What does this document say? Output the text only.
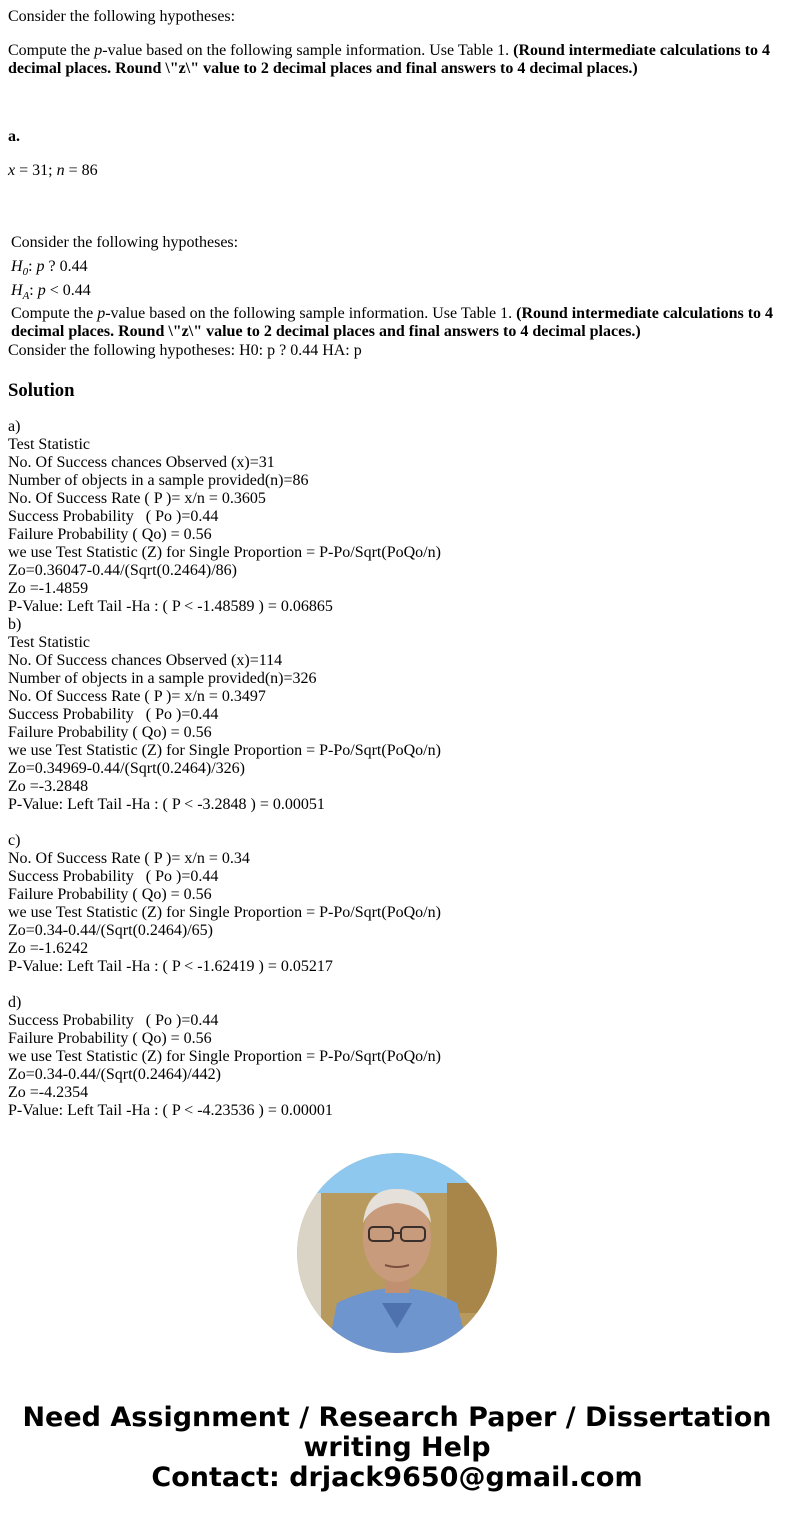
Consider the following hypotheses:

Compute the p-value based on the following sample information. Use Table 1. (Round intermediate calculations to 4 decimal places. Round \"z\" value to 2 decimal places and final answers to 4 decimal places.)

a.

x = 31; n = 86

Consider the following hypotheses:
$H_0$: p ? 0.44
$H_A$: p < 0.44
Compute the p-value based on the following sample information. Use Table 1. (Round intermediate calculations to 4 decimal places. Round \"z\" value to 2 decimal places and final answers to 4 decimal places.)

Consider the following hypotheses: H0: p ? 0.44 HA: p

Solution
a)
Test Statistic
No. Of Success chances Observed (x)=31
Number of objects in a sample provided(n)=86
No. Of Success Rate ( P )= x/n = 0.3605
Success Probability   ( Po )=0.44
Failure Probability ( Qo) = 0.56
we use Test Statistic (Z) for Single Proportion = P-Po/Sqrt(PoQo/n)
Zo=0.36047-0.44/(Sqrt(0.2464)/86)
Zo =-1.4859
P-Value: Left Tail -Ha : ( P < -1.48589 ) = 0.06865
b)
Test Statistic
No. Of Success chances Observed (x)=114
Number of objects in a sample provided(n)=326
No. Of Success Rate ( P )= x/n = 0.3497
Success Probability   ( Po )=0.44
Failure Probability ( Qo) = 0.56
we use Test Statistic (Z) for Single Proportion = P-Po/Sqrt(PoQo/n)
Zo=0.34969-0.44/(Sqrt(0.2464)/326)
Zo =-3.2848
P-Value: Left Tail -Ha : ( P < -3.2848 ) = 0.00051
c)
No. Of Success Rate ( P )= x/n = 0.34
Success Probability   ( Po )=0.44
Failure Probability ( Qo) = 0.56
we use Test Statistic (Z) for Single Proportion = P-Po/Sqrt(PoQo/n)
Zo=0.34-0.44/(Sqrt(0.2464)/65)
Zo =-1.6242
P-Value: Left Tail -Ha : ( P < -1.62419 ) = 0.05217
d)
Success Probability   ( Po )=0.44
Failure Probability ( Qo) = 0.56
we use Test Statistic (Z) for Single Proportion = P-Po/Sqrt(PoQo/n)
Zo=0.34-0.44/(Sqrt(0.2464)/442)
Zo =-4.2354
P-Value: Left Tail -Ha : ( P < -4.23536 ) = 0.00001
Need Assignment / Research Paper / Dissertation
writing Help
Contact: drjack9650@gmail.com
